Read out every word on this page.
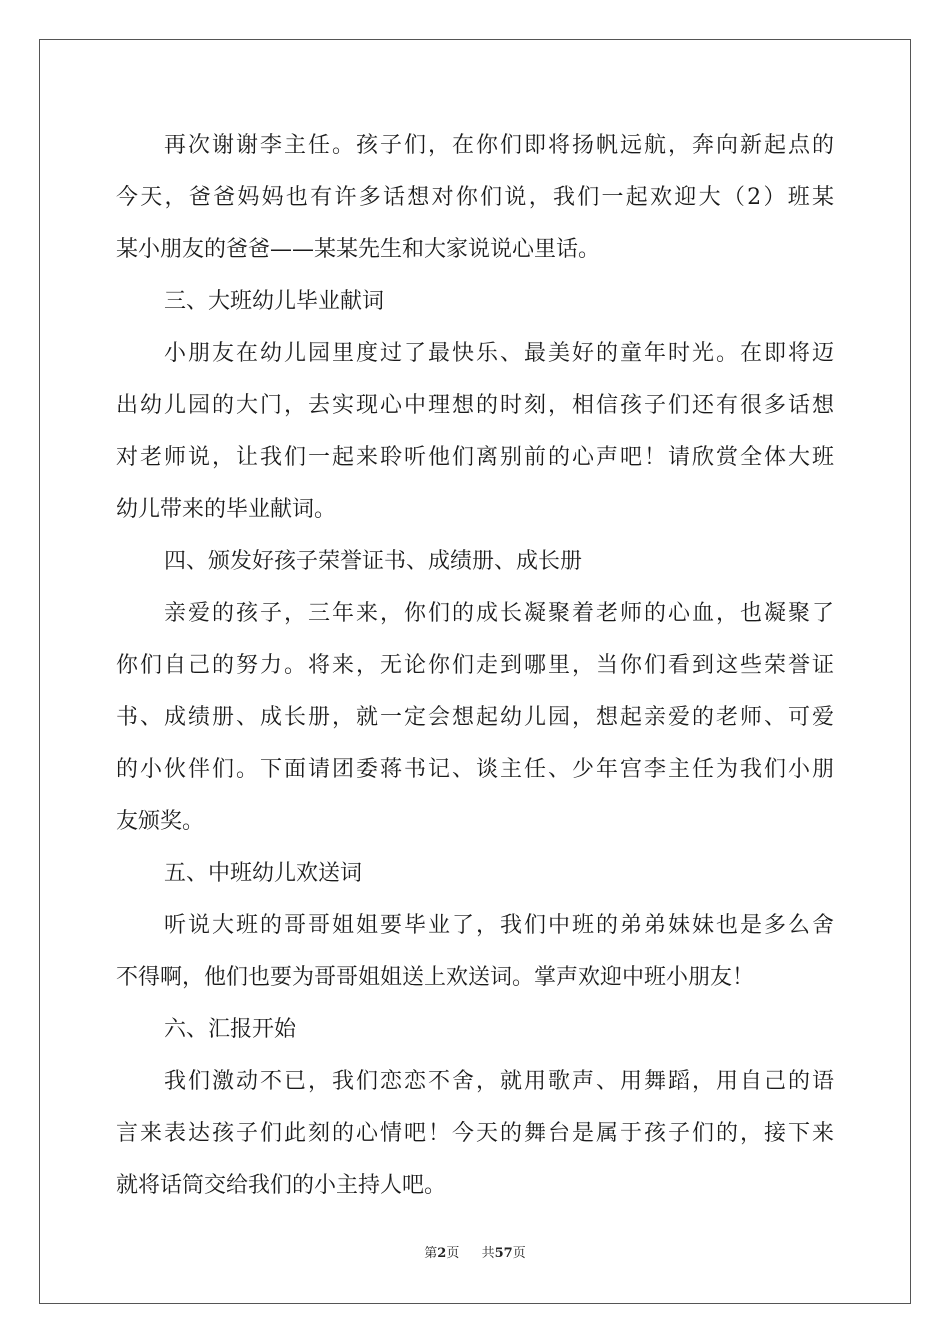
再次谢谢李主任。孩子们，在你们即将扬帆远航，奔向新起点的
今天，爸爸妈妈也有许多话想对你们说，我们一起欢迎大（2）班某
某小朋友的爸爸——某某先生和大家说说心里话。
三、大班幼儿毕业献词
小朋友在幼儿园里度过了最快乐、最美好的童年时光。在即将迈
出幼儿园的大门，去实现心中理想的时刻，相信孩子们还有很多话想
对老师说，让我们一起来聆听他们离别前的心声吧！请欣赏全体大班
幼儿带来的毕业献词。
四、颁发好孩子荣誉证书、成绩册、成长册
亲爱的孩子，三年来，你们的成长凝聚着老师的心血，也凝聚了
你们自己的努力。将来，无论你们走到哪里，当你们看到这些荣誉证
书、成绩册、成长册，就一定会想起幼儿园，想起亲爱的老师、可爱
的小伙伴们。下面请团委蒋书记、谈主任、少年宫李主任为我们小朋
友颁奖。
五、中班幼儿欢送词
听说大班的哥哥姐姐要毕业了，我们中班的弟弟妹妹也是多么舍
不得啊，他们也要为哥哥姐姐送上欢送词。掌声欢迎中班小朋友！
六、汇报开始
我们激动不已，我们恋恋不舍，就用歌声、用舞蹈，用自己的语
言来表达孩子们此刻的心情吧！今天的舞台是属于孩子们的，接下来
就将话筒交给我们的小主持人吧。
第2页 共57页
